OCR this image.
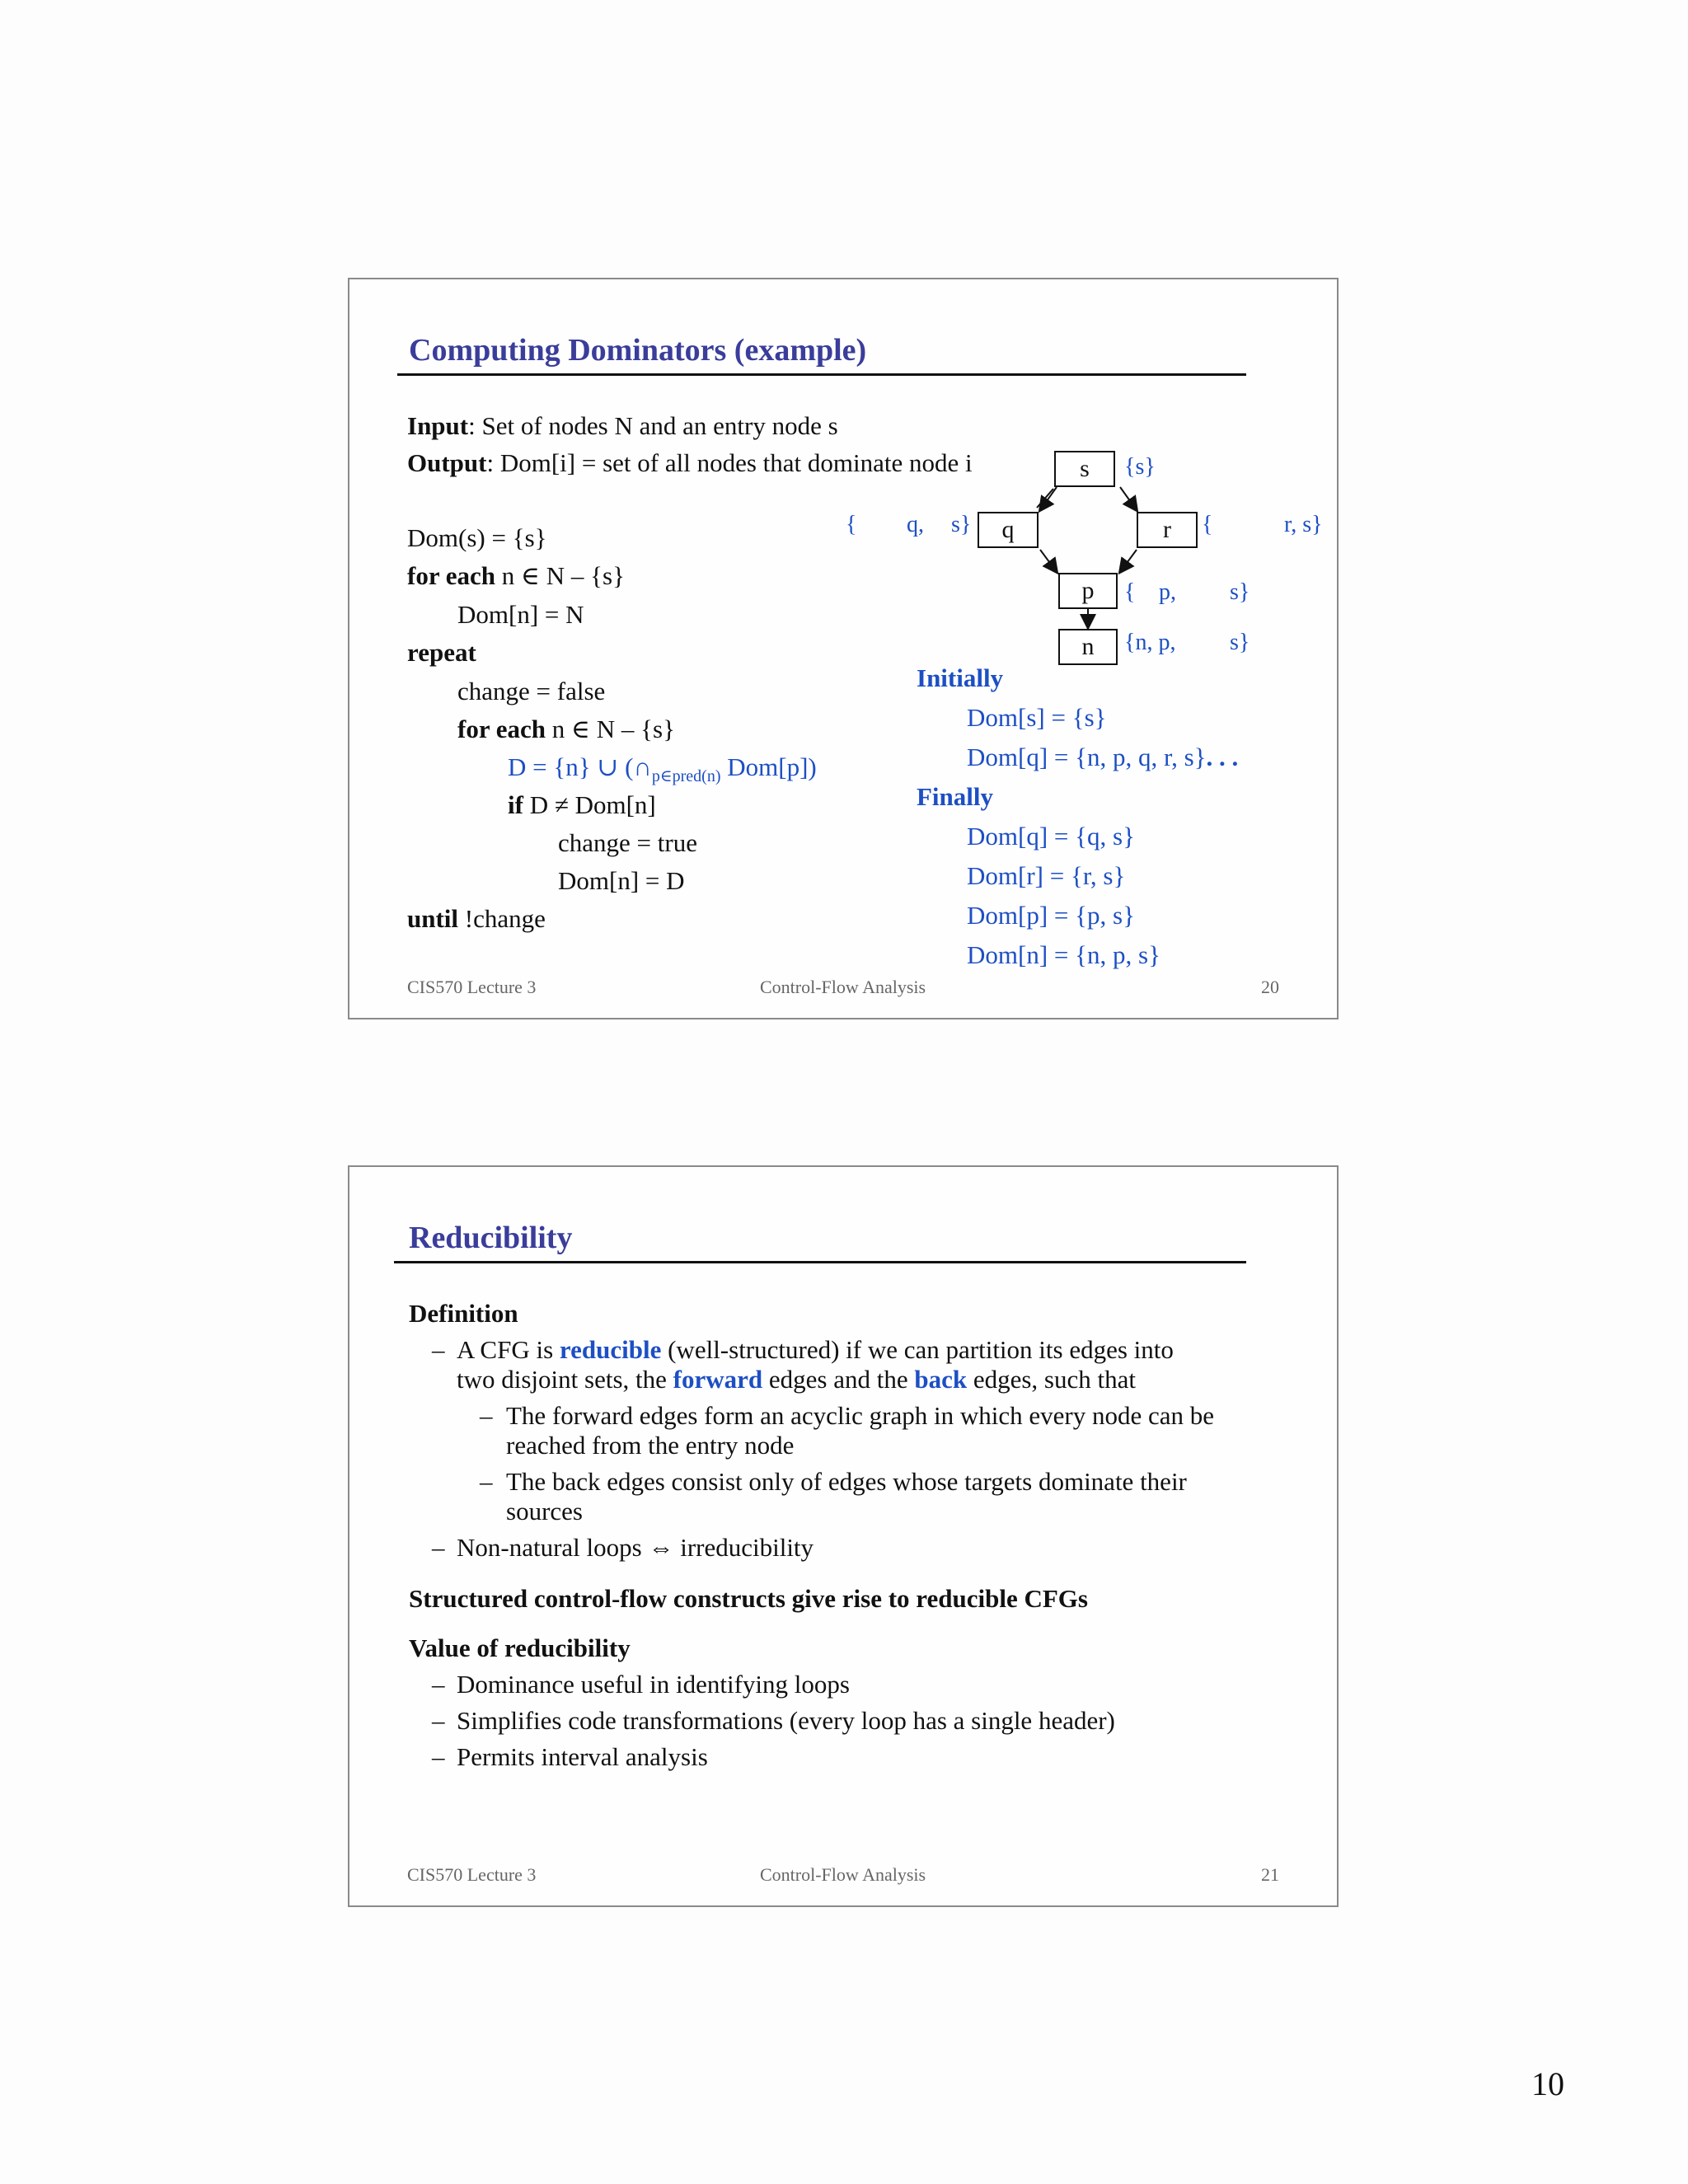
Computing Dominators (example)
Input: Set of nodes N and an entry node s
Output: Dom[i] = set of all nodes that dominate node i
Dom(s) = {s}
for each n ∈ N – {s}
Dom[n] = N
repeat
change = false
for each n ∈ N – {s}
D = {n} ∪ ($\cap_{p\in pred(n)}$ Dom[p])
if D ≠ Dom[n]
change = true
Dom[n] = D
until !change
s
q	r
p
n
{s}
{ q, s}	{	r, s}
{ p, s}
{n, p, s}
Initially
Dom[s] = {s}
Dom[q] = {n, p, q, r, s}. . .
Finally
Dom[q] = {q, s}
Dom[r] = {r, s}
Dom[p] = {p, s}
Dom[n] = {n, p, s}
CIS570 Lecture 3	Control-Flow Analysis	20
Reducibility
Definition
– A CFG is reducible (well-structured) if we can partition its edges into
two disjoint sets, the forward edges and the back edges, such that
– The forward edges form an acyclic graph in which every node can be
reached from the entry node
– The back edges consist only of edges whose targets dominate their
sources
– Non-natural loops ⇔ irreducibility
Structured control-flow constructs give rise to reducible CFGs
Value of reducibility
– Dominance useful in identifying loops
– Simplifies code transformations (every loop has a single header)
– Permits interval analysis
CIS570 Lecture 3	Control-Flow Analysis	21
10
